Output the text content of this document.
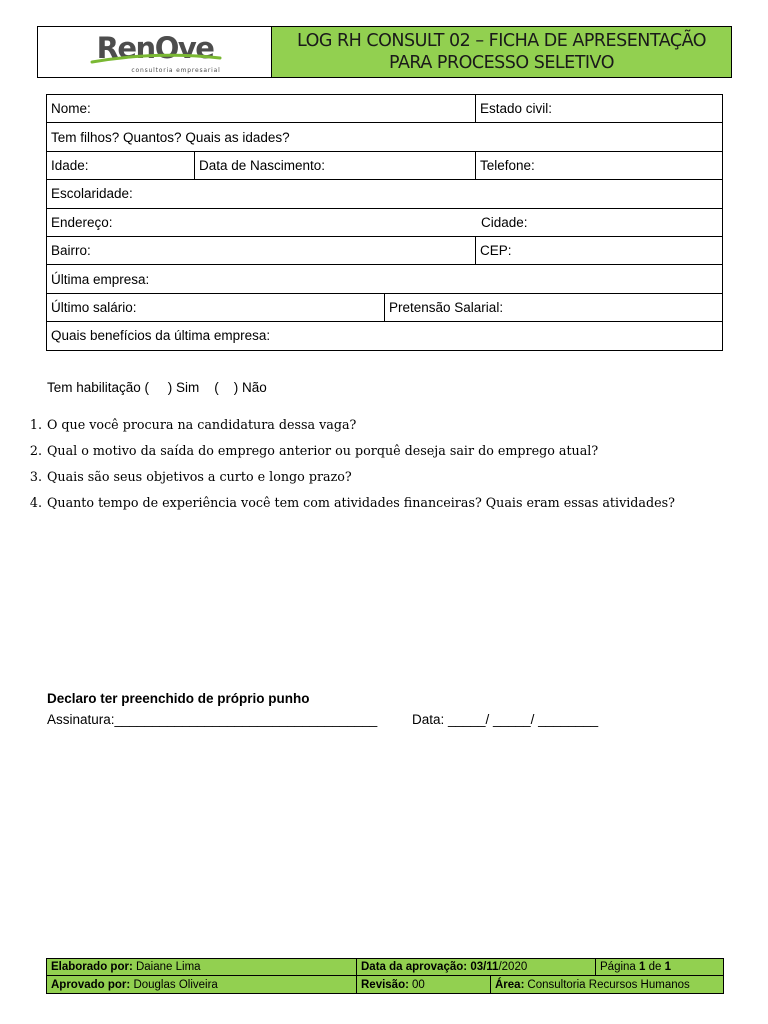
RenOve
consultoria empresarial
LOG RH CONSULT 02 – FICHA DE APRESENTAÇÃO
PARA PROCESSO SELETIVO
Nome:			Estado civil:
Tem filhos? Quantos? Quais as idades?			
Idade:	Data de Nascimento:		Telefone:
Escolaridade:			
Endereço: Cidade:			

Bairro:			CEP:
Última empresa:			
Último salário:		Pretensão Salarial:	
Quais benefícios da última empresa:			
Tem habilitação (     ) Sim    (    ) Não
1. O que você procura na candidatura dessa vaga?
2. Qual o motivo da saída do emprego anterior ou porquê deseja sair do emprego atual?
3. Quais são seus objetivos a curto e longo prazo?
4. Quanto tempo de experiência você tem com atividades financeiras? Quais eram essas atividades?
Declaro ter preenchido de próprio punho
Assinatura:___________________________________	Data: _____/ _____/ ________
Elaborado por: Daiane Lima	Data da aprovação: 03/11/2020	Página 1 de 1
Aprovado por: Douglas Oliveira	Revisão: 00 Área: Consultoria Recursos Humanos	
